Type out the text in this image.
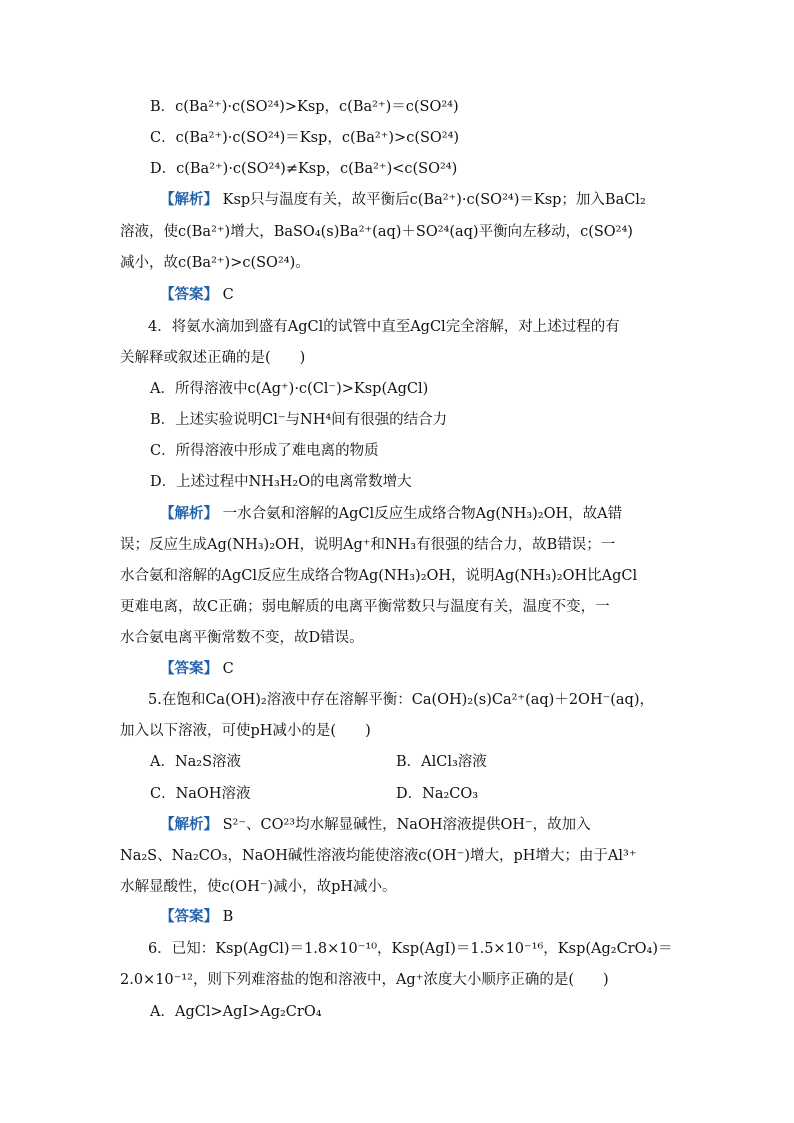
B．c(Ba²⁺)·c(SO²⁴)>Ksp，c(Ba²⁺)＝c(SO²⁴)
C．c(Ba²⁺)·c(SO²⁴)＝Ksp，c(Ba²⁺)>c(SO²⁴)
D．c(Ba²⁺)·c(SO²⁴)≠Ksp，c(Ba²⁺)<c(SO²⁴)
【解析】 Ksp只与温度有关，故平衡后c(Ba²⁺)·c(SO²⁴)＝Ksp；加入BaCl₂
溶液，使c(Ba²⁺)增大，BaSO₄(s)Ba²⁺(aq)＋SO²⁴(aq)平衡向左移动，c(SO²⁴)
减小，故c(Ba²⁺)>c(SO²⁴)。
【答案】 C
4．将氨水滴加到盛有AgCl的试管中直至AgCl完全溶解，对上述过程的有
关解释或叙述正确的是(　　)
A．所得溶液中c(Ag⁺)·c(Cl⁻)>Ksp(AgCl)
B．上述实验说明Cl⁻与NH⁴间有很强的结合力
C．所得溶液中形成了难电离的物质
D．上述过程中NH₃H₂O的电离常数增大
【解析】 一水合氨和溶解的AgCl反应生成络合物Ag(NH₃)₂OH，故A错
误；反应生成Ag(NH₃)₂OH，说明Ag⁺和NH₃有很强的结合力，故B错误；一
水合氨和溶解的AgCl反应生成络合物Ag(NH₃)₂OH，说明Ag(NH₃)₂OH比AgCl
更难电离，故C正确；弱电解质的电离平衡常数只与温度有关，温度不变，一
水合氨电离平衡常数不变，故D错误。
【答案】 C
5.在饱和Ca(OH)₂溶液中存在溶解平衡：Ca(OH)₂(s)Ca²⁺(aq)＋2OH⁻(aq)，
加入以下溶液，可使pH减小的是(　　)
A．Na₂S溶液	B．AlCl₃溶液
C．NaOH溶液	D．Na₂CO₃
【解析】 S²⁻、CO²³均水解显碱性，NaOH溶液提供OH⁻，故加入
Na₂S、Na₂CO₃，NaOH碱性溶液均能使溶液c(OH⁻)增大，pH增大；由于Al³⁺
水解显酸性，使c(OH⁻)减小，故pH减小。
【答案】 B
6．已知：Ksp(AgCl)＝1.8×10⁻¹⁰，Ksp(AgI)＝1.5×10⁻¹⁶，Ksp(Ag₂CrO₄)＝
2.0×10⁻¹²，则下列难溶盐的饱和溶液中，Ag⁺浓度大小顺序正确的是(　　)
A．AgCl>AgI>Ag₂CrO₄
